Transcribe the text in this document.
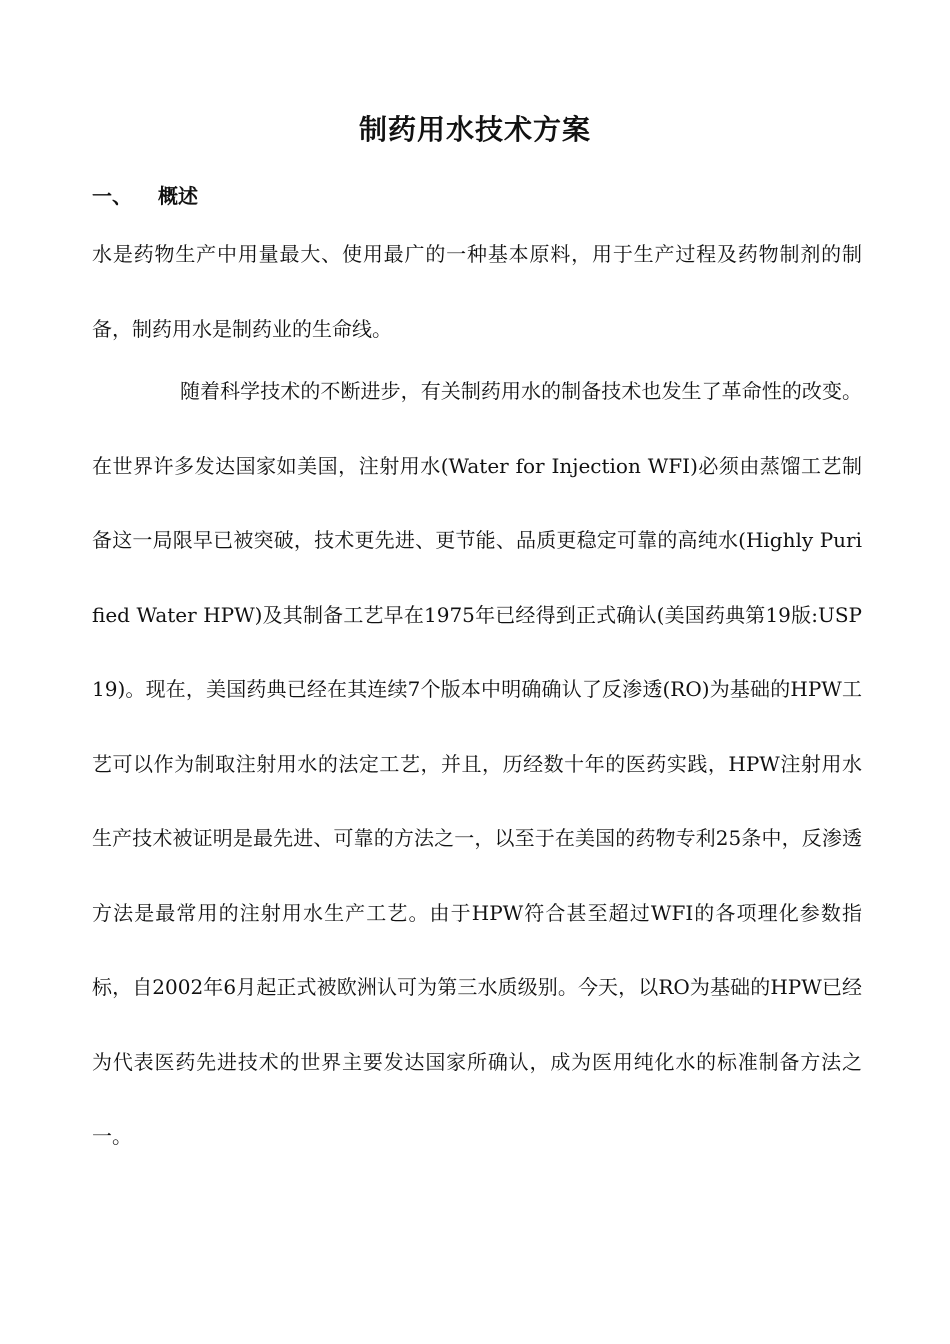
制药用水技术方案
一、 概述

水是药物生产中用量最大、使用最广的一种基本原料，用于生产过程及药物制剂的制备，制药用水是制药业的生命线。

随着科学技术的不断进步，有关制药用水的制备技术也发生了革命性的改变。在世界许多发达国家如美国，注射用水(Water for Injection WFI)必须由蒸馏工艺制备这一局限早已被突破，技术更先进、更节能、品质更稳定可靠的高纯水(Highly Purified Water HPW)及其制备工艺早在1975年已经得到正式确认(美国药典第19版:USP19)。现在，美国药典已经在其连续7个版本中明确确认了反渗透(RO)为基础的HPW工艺可以作为制取注射用水的法定工艺，并且，历经数十年的医药实践，HPW注射用水生产技术被证明是最先进、可靠的方法之一，以至于在美国的药物专利25条中，反渗透方法是最常用的注射用水生产工艺。由于HPW符合甚至超过WFI的各项理化参数指标，自2002年6月起正式被欧洲认可为第三水质级别。今天，以RO为基础的HPW已经为代表医药先进技术的世界主要发达国家所确认，成为医用纯化水的标准制备方法之一。
